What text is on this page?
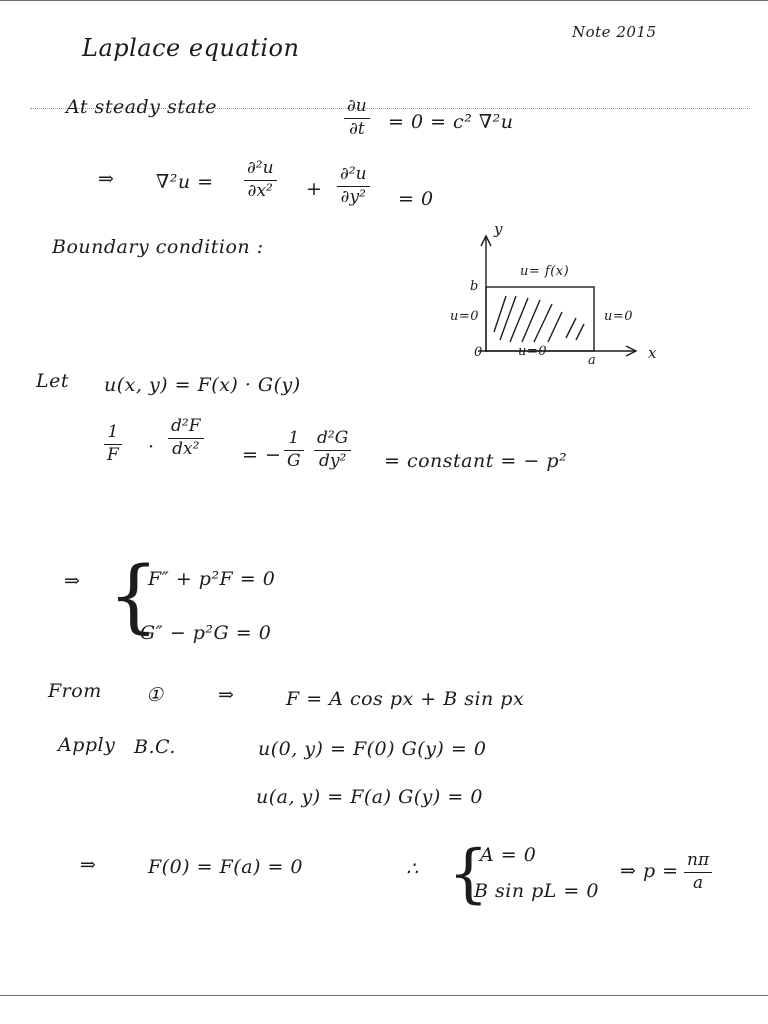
Laplace equation
Note 2015
At steady state	∂u
∂t = 0 = c² ∇²u
⇒ ∇²u =
∂²u
∂x² +
∂²u
∂y² = 0
Boundary condition :
y
x
b
0
a
u= f(x)
u=0	u=0
u=0
Let u(x, y) = F(x) · G(y)
1
F ·
d²F
dx² = −
1
G
d²G
dy² = constant = − p²
⇒ {
F″ + p²F = 0
G″ − p²G = 0
From ①	⇒	F = A cos px + B sin px
Apply B.C.	u(0, y) = F(0) G(y) = 0
u(a, y) = F(a) G(y) = 0
⇒	F(0) = F(a) = 0	∴ {
A = 0
B sin pL = 0
⇒ p = nπ
a
